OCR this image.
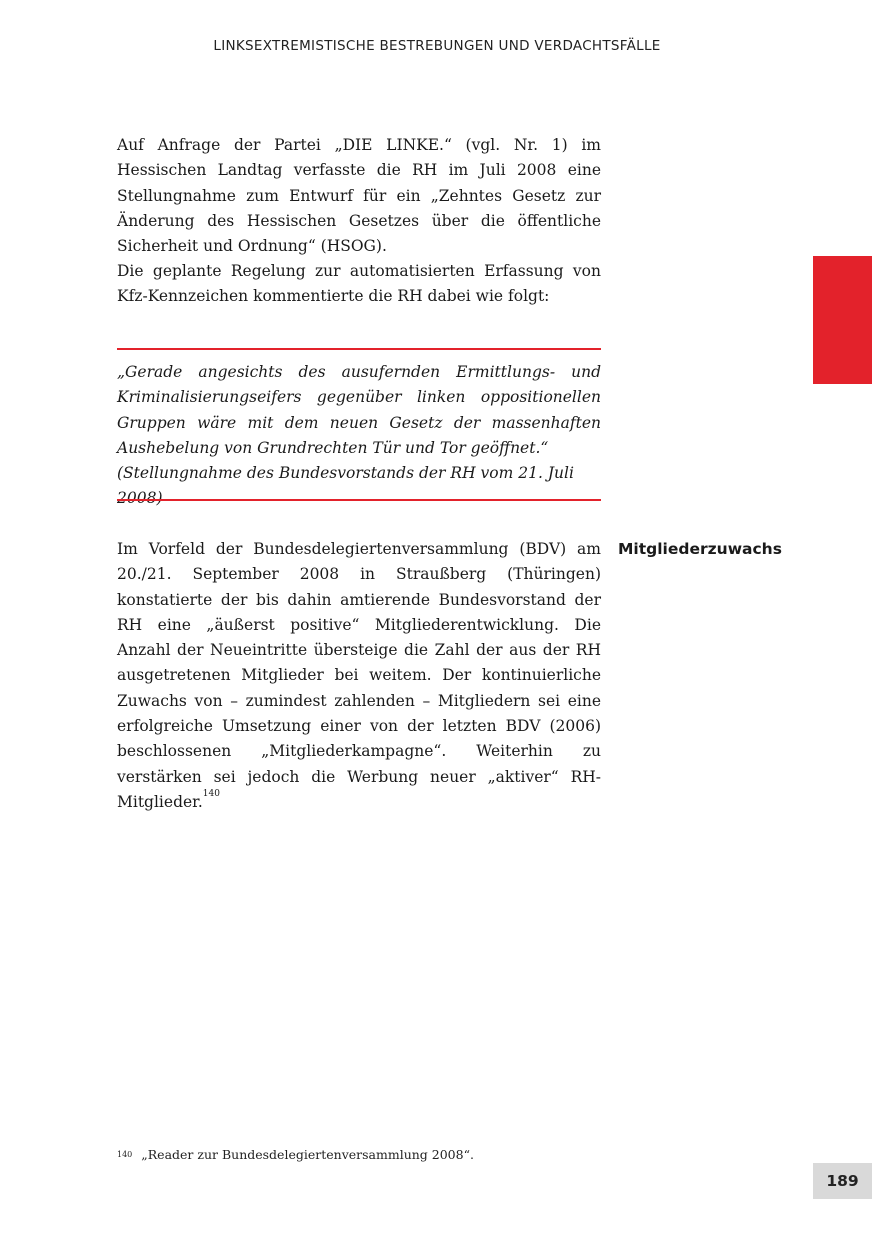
LINKSEXTREMISTISCHE BESTREBUNGEN UND VERDACHTSFÄLLE

Auf Anfrage der Partei „DIE LINKE.“ (vgl. Nr. 1) im Hessischen Landtag verfasste die RH im Juli 2008 eine Stellungnahme zum Entwurf für ein „Zehntes Gesetz zur Änderung des Hessischen Gesetzes über die öffentliche Sicherheit und Ordnung“ (HSOG).

Die geplante Regelung zur automatisierten Erfassung von Kfz-Kennzeichen kommentierte die RH dabei wie folgt:

„Gerade angesichts des ausufernden Ermittlungs- und Kriminalisierungseifers gegenüber linken oppositionellen Gruppen wäre mit dem neuen Gesetz der massenhaften Aushebelung von Grundrechten Tür und Tor geöffnet.“

(Stellungnahme des Bundesvorstands der RH vom 21. Juli 2008)
Mitgliederzuwachs

Im Vorfeld der Bundesdelegiertenversammlung (BDV) am 20./21. September 2008 in Straußberg (Thüringen) konstatierte der bis dahin amtierende Bundesvorstand der RH eine „äußerst positive“ Mitgliederentwicklung. Die Anzahl der Neueintritte übersteige die Zahl der aus der RH ausgetretenen Mitglieder bei weitem. Der kontinuierliche Zuwachs von – zumindest zahlenden – Mitgliedern sei eine erfolgreiche Umsetzung einer von der letzten BDV (2006) beschlossenen „Mitgliederkampagne“. Weiterhin zu verstärken sei jedoch die Werbung neuer „aktiver“ RH-Mitglieder.$^{140}$

$^{140}$ „Reader zur Bundesdelegiertenversammlung 2008“.
189
